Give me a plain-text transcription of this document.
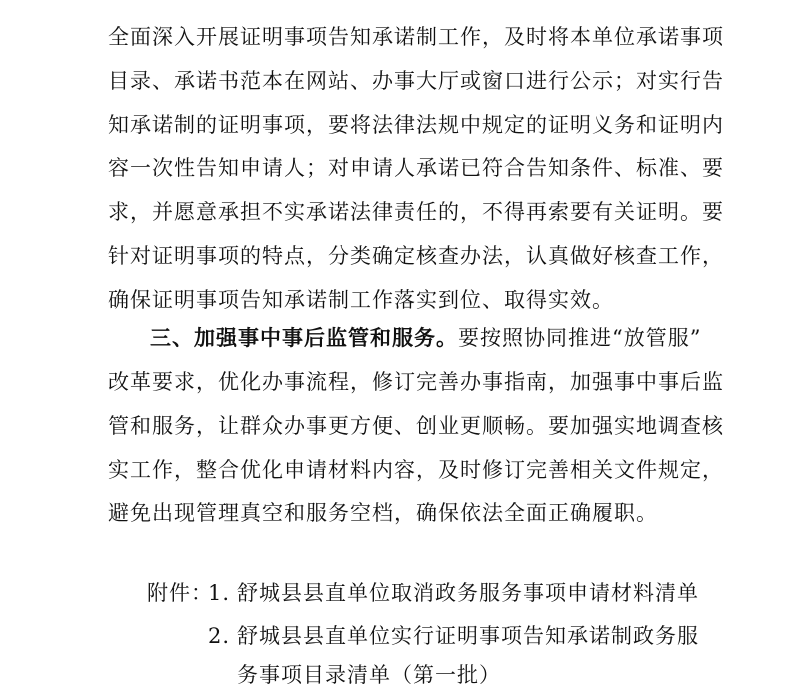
全面深入开展证明事项告知承诺制工作，及时将本单位承诺事项
目录、承诺书范本在网站、办事大厅或窗口进行公示；对实行告
知承诺制的证明事项，要将法律法规中规定的证明义务和证明内
容一次性告知申请人；对申请人承诺已符合告知条件、标准、要
求，并愿意承担不实承诺法律责任的，不得再索要有关证明。要
针对证明事项的特点，分类确定核查办法，认真做好核查工作，
确保证明事项告知承诺制工作落实到位、取得实效。
三、加强事中事后监管和服务。要按照协同推进“放管服”
改革要求，优化办事流程，修订完善办事指南，加强事中事后监
管和服务，让群众办事更方便、创业更顺畅。要加强实地调查核
实工作，整合优化申请材料内容，及时修订完善相关文件规定，
避免出现管理真空和服务空档，确保依法全面正确履职。
附件：
1. 舒城县县直单位取消政务服务事项申请材料清单
2. 舒城县县直单位实行证明事项告知承诺制政务服
务事项目录清单（第一批）
